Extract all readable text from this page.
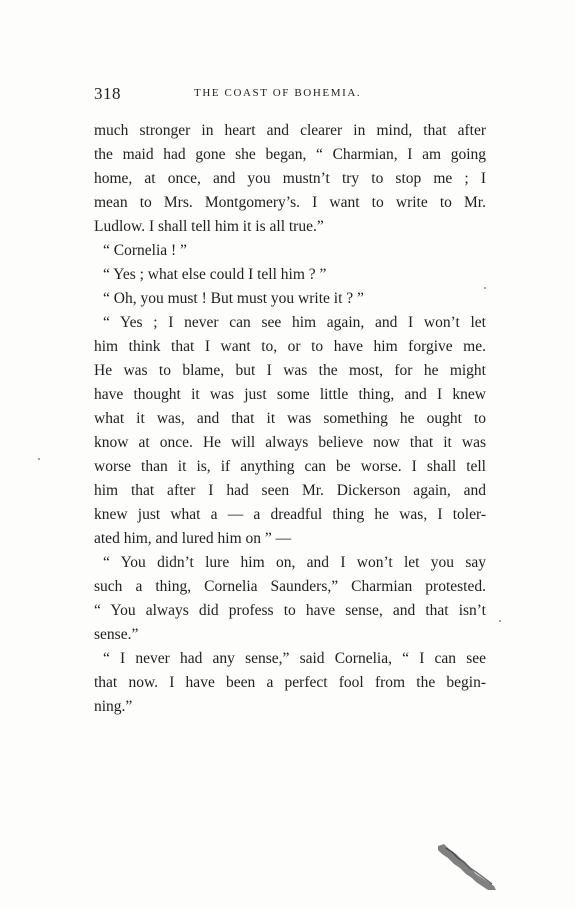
318	THE COAST OF BOHEMIA.
much stronger in heart and clearer in mind, that after
the maid had gone she began, “ Charmian, I am going
home, at once, and you mustn’t try to stop me ; I
mean to Mrs. Montgomery’s. I want to write to Mr.
Ludlow. I shall tell him it is all true.”
“ Cornelia ! ”
“ Yes ; what else could I tell him ? ”
“ Oh, you must ! But must you write it ? ”
“ Yes ; I never can see him again, and I won’t let
him think that I want to, or to have him forgive me.
He was to blame, but I was the most, for he might
have thought it was just some little thing, and I knew
what it was, and that it was something he ought to
know at once. He will always believe now that it was
worse than it is, if anything can be worse. I shall tell
him that after I had seen Mr. Dickerson again, and
knew just what a — a dreadful thing he was, I toler-
ated him, and lured him on ” —
“ You didn’t lure him on, and I won’t let you say
such a thing, Cornelia Saunders,” Charmian protested.
“ You always did profess to have sense, and that isn’t
sense.”
“ I never had any sense,” said Cornelia, “ I can see
that now. I have been a perfect fool from the begin-
ning.”
